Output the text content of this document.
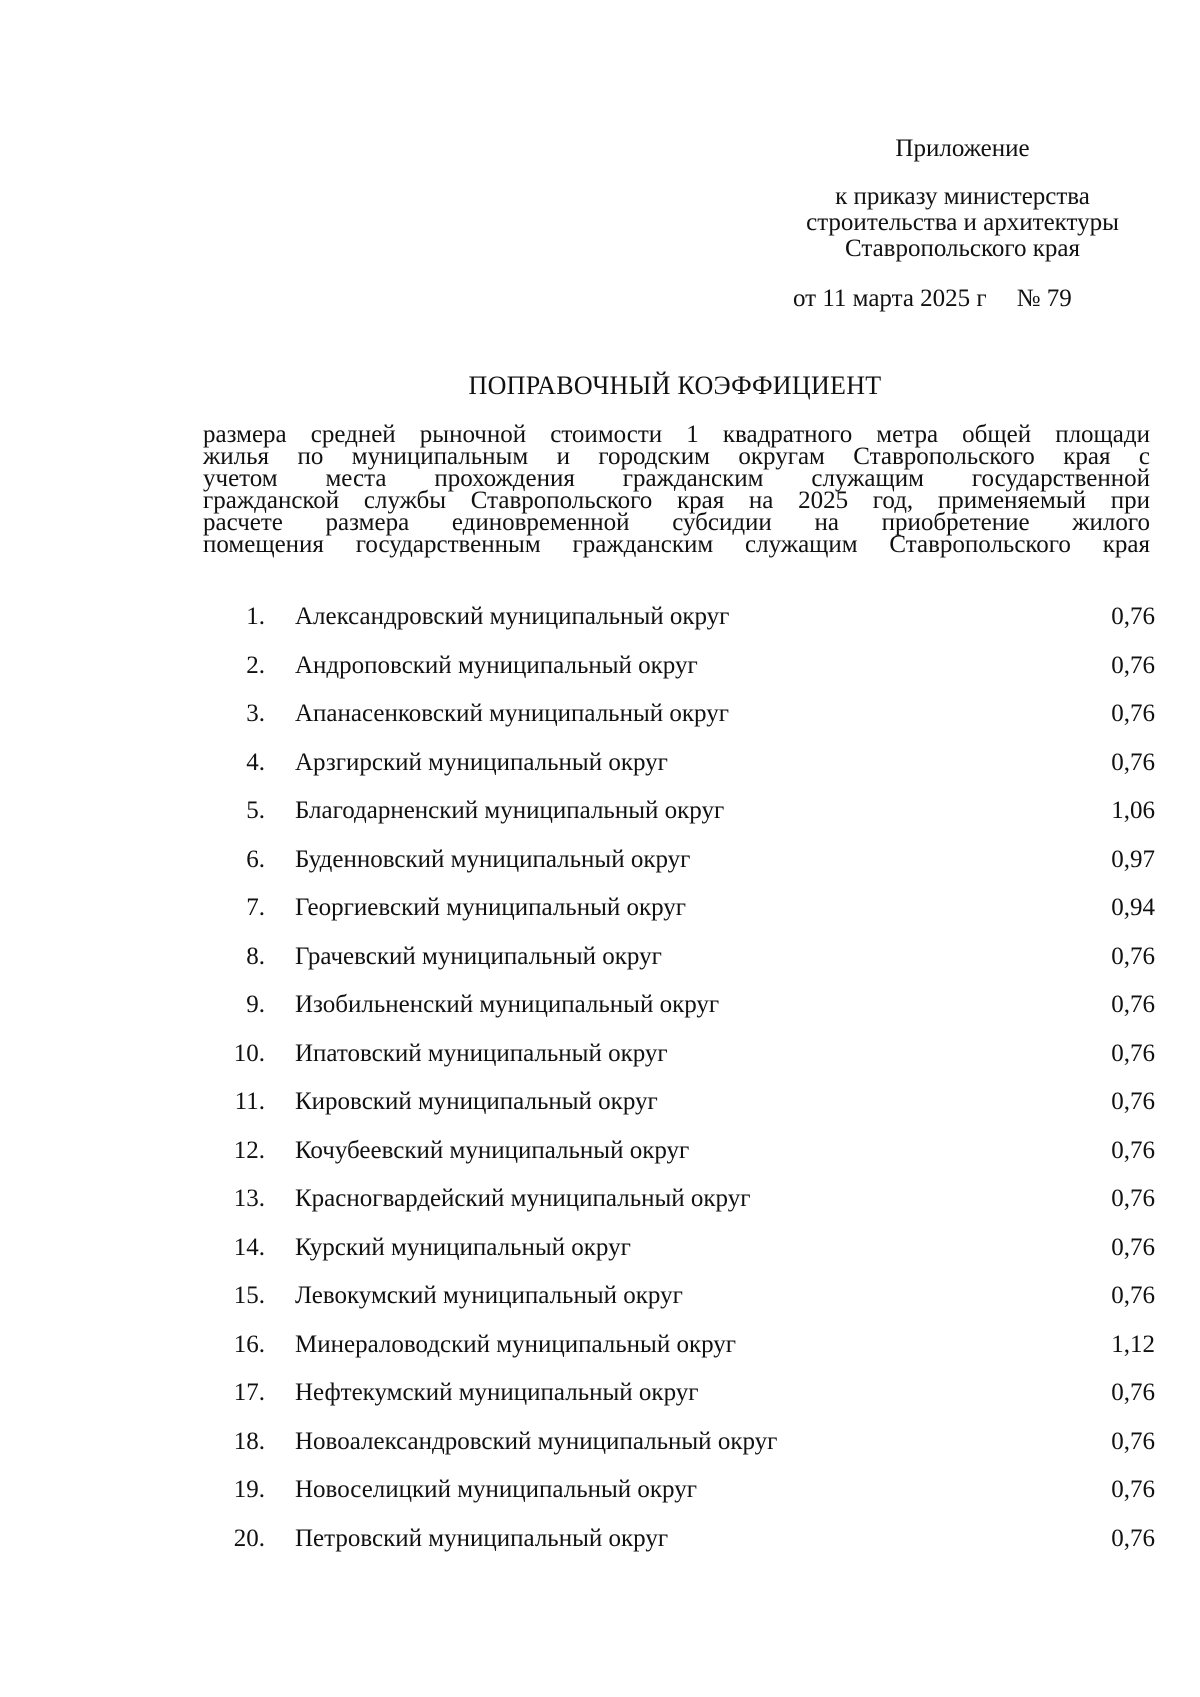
Приложение
к приказу министерства
строительства и архитектуры
Ставропольского края
от 11 марта 2025 г № 79
ПОПРАВОЧНЫЙ КОЭФФИЦИЕНТ
размера средней рыночной стоимости 1 квадратного метра общей площади
жилья по муниципальным и городским округам Ставропольского края с
учетом места прохождения гражданским служащим государственной
гражданской службы Ставропольского края на 2025 год, применяемый при
расчете размера единовременной субсидии на приобретение жилого
помещения государственным гражданским служащим Ставропольского края
1.	Александровский муниципальный округ	0,76
2.	Андроповский муниципальный округ	0,76
3.	Апанасенковский муниципальный округ	0,76
4.	Арзгирский муниципальный округ	0,76
5.	Благодарненский муниципальный округ	1,06
6.	Буденновский муниципальный округ	0,97
7.	Георгиевский муниципальный округ	0,94
8.	Грачевский муниципальный округ	0,76
9.	Изобильненский муниципальный округ	0,76
10.	Ипатовский муниципальный округ	0,76
11.	Кировский муниципальный округ	0,76
12.	Кочубеевский муниципальный округ	0,76
13.	Красногвардейский муниципальный округ	0,76
14.	Курский муниципальный округ	0,76
15.	Левокумский муниципальный округ	0,76
16.	Минераловодский муниципальный округ	1,12
17.	Нефтекумский муниципальный округ	0,76
18.	Новоалександровский муниципальный округ	0,76
19.	Новоселицкий муниципальный округ	0,76
20.	Петровский муниципальный округ	0,76
